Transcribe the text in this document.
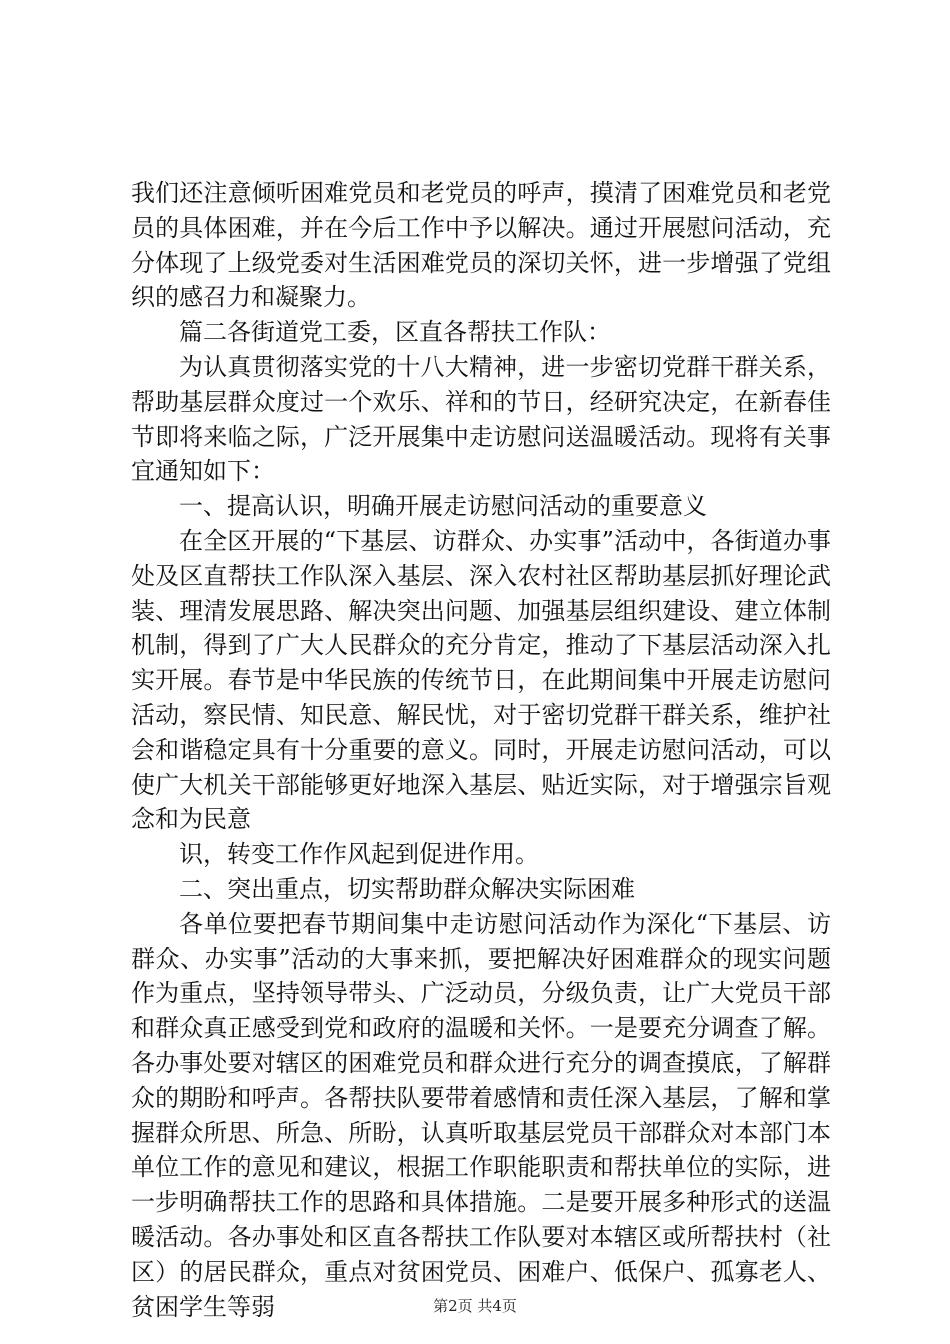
我们还注意倾听困难党员和老党员的呼声，摸清了困难党员和老党员的具体困难，并在今后工作中予以解决。通过开展慰问活动，充分体现了上级党委对生活困难党员的深切关怀，进一步增强了党组织的感召力和凝聚力。

篇二各街道党工委，区直各帮扶工作队：

为认真贯彻落实党的十八大精神，进一步密切党群干群关系，帮助基层群众度过一个欢乐、祥和的节日，经研究决定，在新春佳节即将来临之际，广泛开展集中走访慰问送温暖活动。现将有关事宜通知如下：

一、提高认识，明确开展走访慰问活动的重要意义

在全区开展的“下基层、访群众、办实事”活动中，各街道办事处及区直帮扶工作队深入基层、深入农村社区帮助基层抓好理论武装、理清发展思路、解决突出问题、加强基层组织建设、建立体制机制，得到了广大人民群众的充分肯定，推动了下基层活动深入扎实开展。春节是中华民族的传统节日，在此期间集中开展走访慰问活动，察民情、知民意、解民忧，对于密切党群干群关系，维护社会和谐稳定具有十分重要的意义。同时，开展走访慰问活动，可以使广大机关干部能够更好地深入基层、贴近实际，对于增强宗旨观念和为民意

识，转变工作作风起到促进作用。

二、突出重点，切实帮助群众解决实际困难

各单位要把春节期间集中走访慰问活动作为深化“下基层、访群众、办实事”活动的大事来抓，要把解决好困难群众的现实问题作为重点，坚持领导带头、广泛动员，分级负责，让广大党员干部和群众真正感受到党和政府的温暖和关怀。一是要充分调查了解。各办事处要对辖区的困难党员和群众进行充分的调查摸底，了解群众的期盼和呼声。各帮扶队要带着感情和责任深入基层，了解和掌握群众所思、所急、所盼，认真听取基层党员干部群众对本部门本单位工作的意见和建议，根据工作职能职责和帮扶单位的实际，进一步明确帮扶工作的思路和具体措施。二是要开展多种形式的送温暖活动。各办事处和区直各帮扶工作队要对本辖区或所帮扶村（社区）的居民群众，重点对贫困党员、困难户、低保户、孤寡老人、贫困学生等弱	第2页 共4页
